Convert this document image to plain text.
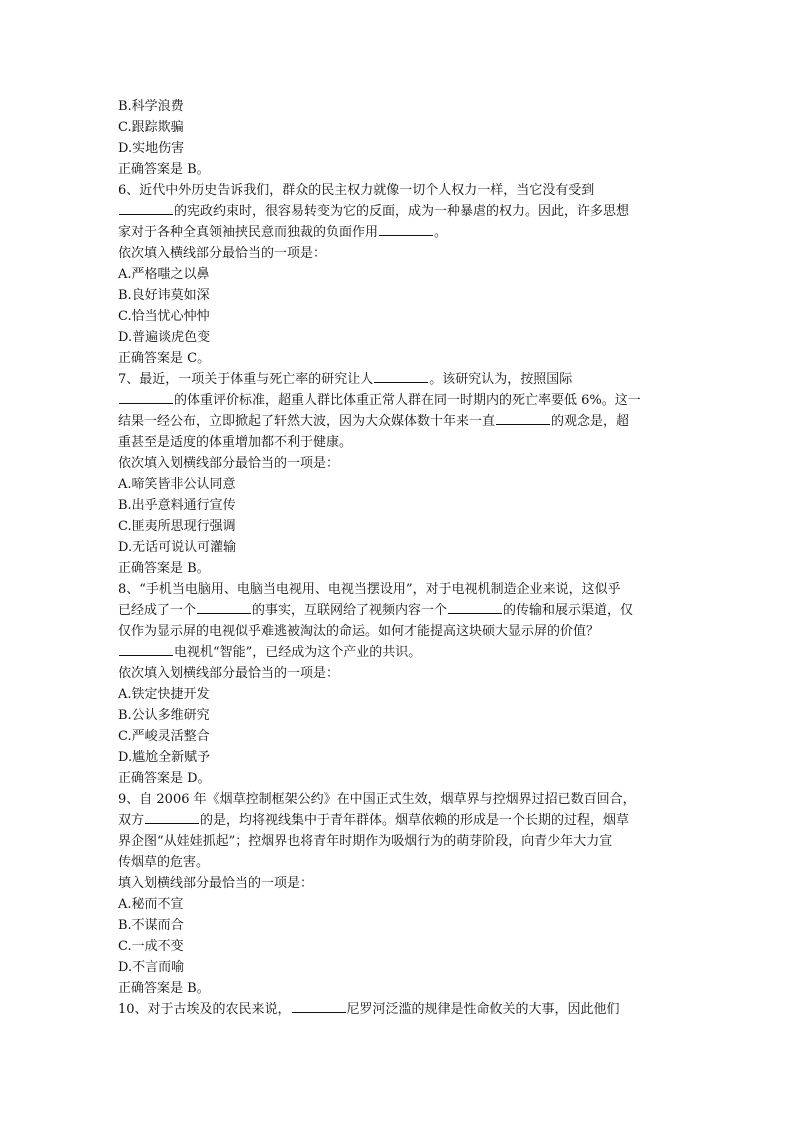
B.科学浪费

C.跟踪欺骗

D.实地伤害

正确答案是 B。

6、近代中外历史告诉我们，群众的民主权力就像一切个人权力一样，当它没有受到

的宪政约束时，很容易转变为它的反面，成为一种暴虐的权力。因此，许多思想

家对于各种全真领袖挟民意而独裁的负面作用	。

依次填入横线部分最恰当的一项是：

A.严格嗤之以鼻

B.良好讳莫如深

C.恰当忧心忡忡

D.普遍谈虎色变

正确答案是 C。

7、最近，一项关于体重与死亡率的研究让人	。该研究认为，按照国际

的体重评价标准，超重人群比体重正常人群在同一时期内的死亡率要低 6%。这一

结果一经公布，立即掀起了轩然大波，因为大众媒体数十年来一直	的观念是，超

重甚至是适度的体重增加都不利于健康。

依次填入划横线部分最恰当的一项是：

A.啼笑皆非公认同意

B.出乎意料通行宣传

C.匪夷所思现行强调

D.无话可说认可灌输

正确答案是 B。

8、“手机当电脑用、电脑当电视用、电视当摆设用”，对于电视机制造企业来说，这似乎

已经成了一个	的事实，互联网给了视频内容一个	的传输和展示渠道，仅

仅作为显示屏的电视似乎难逃被淘汰的命运。如何才能提高这块硕大显示屏的价值？

电视机“智能”，已经成为这个产业的共识。

依次填入划横线部分最恰当的一项是：

A.铁定快捷开发

B.公认多维研究

C.严峻灵活整合

D.尴尬全新赋予

正确答案是 D。

9、自 2006 年《烟草控制框架公约》在中国正式生效，烟草界与控烟界过招已数百回合，

双方	的是，均将视线集中于青年群体。烟草依赖的形成是一个长期的过程，烟草

界企图“从娃娃抓起”；控烟界也将青年时期作为吸烟行为的萌芽阶段，向青少年大力宣

传烟草的危害。

填入划横线部分最恰当的一项是：

A.秘而不宣

B.不谋而合

C.一成不变

D.不言而喻

正确答案是 B。

10、对于古埃及的农民来说，	尼罗河泛滥的规律是性命攸关的大事，因此他们
